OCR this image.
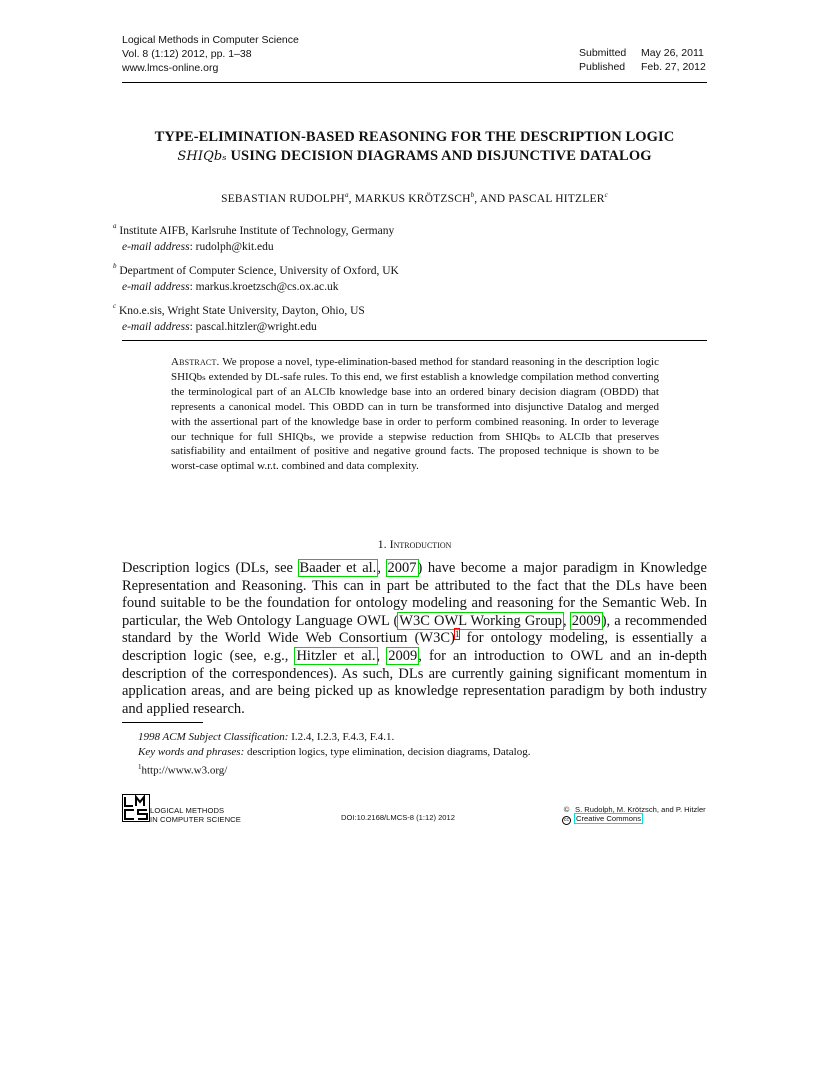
Logical Methods in Computer Science
Vol. 8 (1:12) 2012, pp. 1–38
www.lmcs-online.org
Submitted	May 26, 2011
Published	Feb. 27, 2012
TYPE-ELIMINATION-BASED REASONING FOR THE DESCRIPTION LOGIC
SHIQbₛ USING DECISION DIAGRAMS AND DISJUNCTIVE DATALOG
SEBASTIAN RUDOLPH$^a$, MARKUS KRÖTZSCH$^b$, AND PASCAL HITZLER$^c$
$^a$ Institute AIFB, Karlsruhe Institute of Technology, Germany
e-mail address: rudolph@kit.edu
$^b$ Department of Computer Science, University of Oxford, UK
e-mail address: markus.kroetzsch@cs.ox.ac.uk
$^c$ Kno.e.sis, Wright State University, Dayton, Ohio, US
e-mail address: pascal.hitzler@wright.edu
Abstract. We propose a novel, type-elimination-based method for standard reasoning in the description logic SHIQbₛ extended by DL-safe rules. To this end, we first establish a knowledge compilation method converting the terminological part of an ALCIb knowledge base into an ordered binary decision diagram (OBDD) that represents a canonical model. This OBDD can in turn be transformed into disjunctive Datalog and merged with the assertional part of the knowledge base in order to perform combined reasoning. In order to leverage our technique for full SHIQbₛ, we provide a stepwise reduction from SHIQbₛ to ALCIb that preserves satisfiability and entailment of positive and negative ground facts. The proposed technique is shown to be worst-case optimal w.r.t. combined and data complexity.
1. Introduction
Description logics (DLs, see Baader et al., 2007) have become a major paradigm in Knowledge Representation and Reasoning. This can in part be attributed to the fact that the DLs have been found suitable to be the foundation for ontology modeling and reasoning for the Semantic Web. In particular, the Web Ontology Language OWL (W3C OWL Working Group, 2009), a recommended standard by the World Wide Web Consortium (W3C)$^1$ for ontology modeling, is essentially a description logic (see, e.g., Hitzler et al., 2009, for an introduction to OWL and an in-depth description of the correspondences). As such, DLs are currently gaining significant momentum in application areas, and are being picked up as knowledge representation paradigm by both industry and applied research.
1998 ACM Subject Classification: I.2.4, I.2.3, F.4.3, F.4.1.
Key words and phrases: description logics, type elimination, decision diagrams, Datalog.
$^1$http://www.w3.org/
LOGICAL METHODS
IN COMPUTER SCIENCE	DOI:10.2168/LMCS-8 (1:12) 2012
© S. Rudolph, M. Krötzsch, and P. Hitzler
cc Creative Commons
